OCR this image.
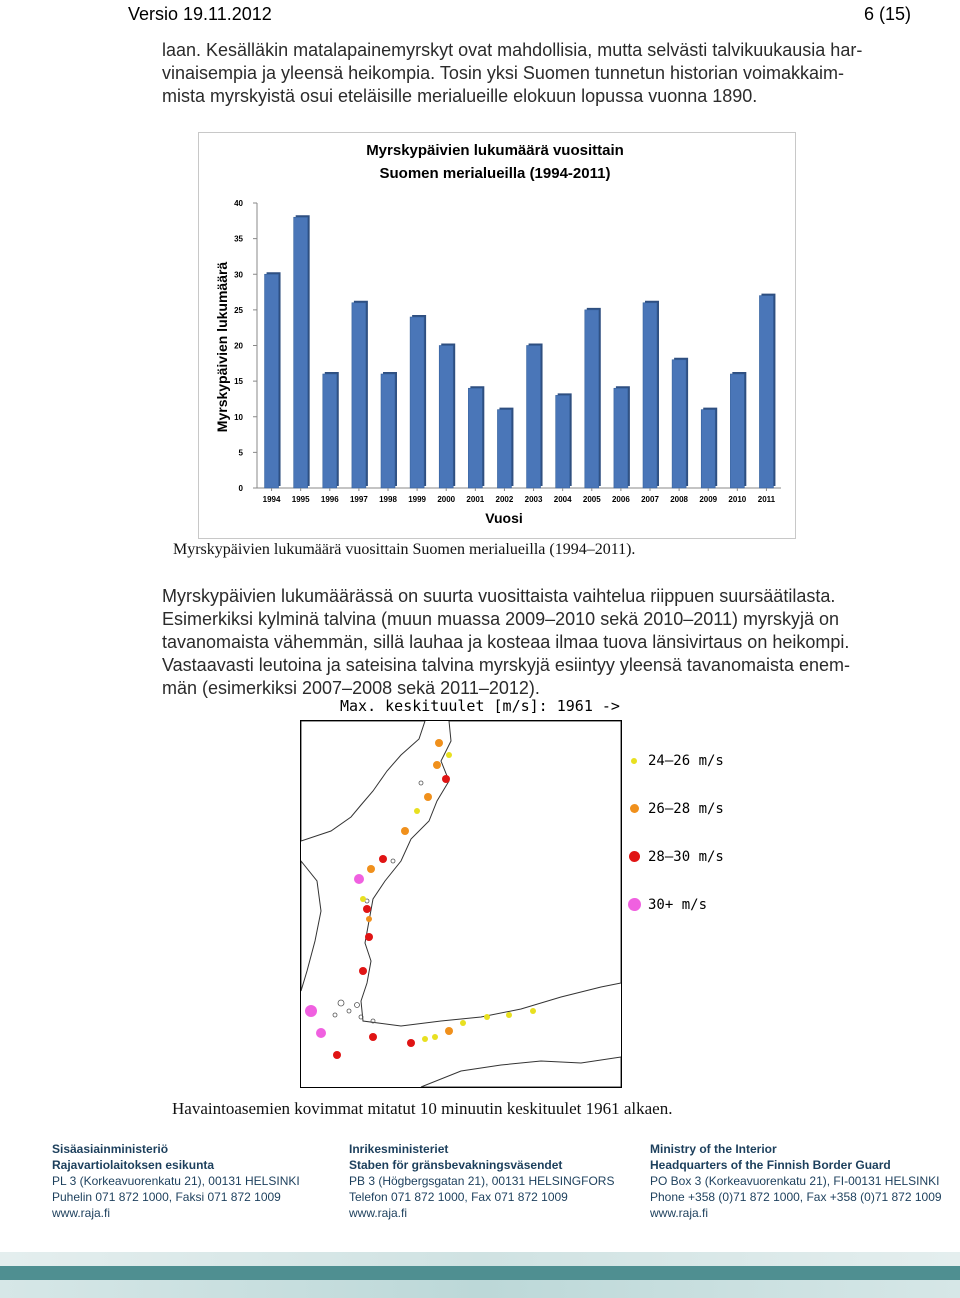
Versio 19.11.2012	6 (15)
laan. Kesälläkin matalapainemyrskyt ovat mahdollisia, mutta selvästi talvikuukausia har-
vinaisempia ja yleensä heikompia. Tosin yksi Suomen tunnetun historian voimakkaim-
mista myrskyistä osui eteläisille merialueille elokuun lopussa vuonna 1890.
Myrskypäivien lukumäärä vuosittain
Suomen merialueilla (1994-2011)
Vuosi
Myrskypäivien lukumäärä
0
5
10
15
20
25
30
35
40
1994 1995 1996 1997 1998 1999 2000 2001 2002 2003 2004 2005 2006 2007 2008 2009 2010 2011
Myrskypäivien lukumäärä vuosittain Suomen merialueilla (1994–2011).
Myrskypäivien lukumäärässä on suurta vuosittaista vaihtelua riippuen suursäätilasta.
Esimerkiksi kylminä talvina (muun muassa 2009–2010 sekä 2010–2011) myrskyjä on
tavanomaista vähemmän, sillä lauhaa ja kosteaa ilmaa tuova länsivirtaus on heikompi.
Vastaavasti leutoina ja sateisina talvina myrskyjä esiintyy yleensä tavanomaista enem-
män (esimerkiksi 2007–2008 sekä 2011–2012).
Max. keskituulet [m/s]: 1961 ->
24–26 m/s
26–28 m/s
28–30 m/s
30+ m/s
Havaintoasemien kovimmat mitatut 10 minuutin keskituulet 1961 alkaen.
Sisäasiainministeriö
Rajavartiolaitoksen esikunta
PL 3 (Korkeavuorenkatu 21), 00131 HELSINKI
Puhelin 071 872 1000, Faksi 071 872 1009
www.raja.fi
Inrikesministeriet
Staben för gränsbevakningsväsendet
PB 3 (Högbergsgatan 21), 00131 HELSINGFORS
Telefon 071 872 1000, Fax 071 872 1009
www.raja.fi
Ministry of the Interior
Headquarters of the Finnish Border Guard
PO Box 3 (Korkeavuorenkatu 21), FI-00131 HELSINKI
Phone +358 (0)71 872 1000, Fax +358 (0)71 872 1009
www.raja.fi
